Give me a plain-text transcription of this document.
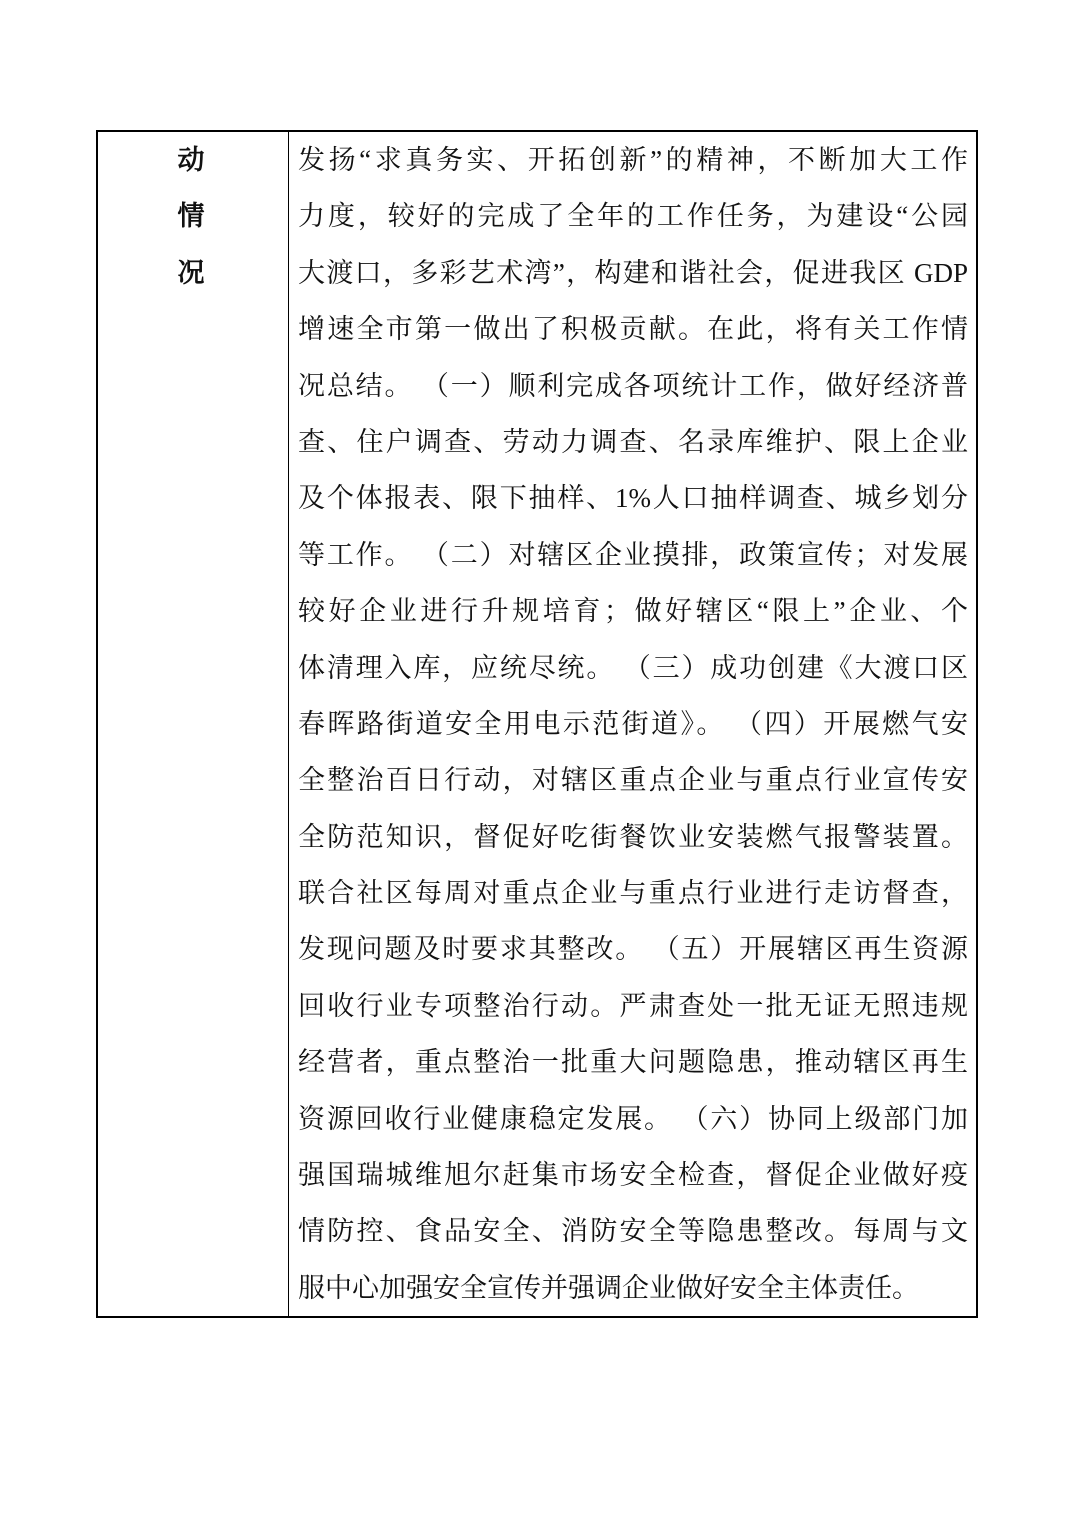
动
情
况
发扬“求真务实、开拓创新”的精神，不断加大工作
力度，较好的完成了全年的工作任务，为建设“公园
大渡口，多彩艺术湾”，构建和谐社会，促进我区 GDP
增速全市第一做出了积极贡献。在此，将有关工作情
况总结。 （一）顺利完成各项统计工作，做好经济普
查、住户调查、劳动力调查、名录库维护、限上企业
及个体报表、限下抽样、1%人口抽样调查、城乡划分
等工作。 （二）对辖区企业摸排，政策宣传；对发展
较好企业进行升规培育；做好辖区“限上”企业、个
体清理入库，应统尽统。 （三）成功创建《大渡口区
春晖路街道安全用电示范街道》。 （四）开展燃气安
全整治百日行动，对辖区重点企业与重点行业宣传安
全防范知识，督促好吃街餐饮业安装燃气报警装置。
联合社区每周对重点企业与重点行业进行走访督查，
发现问题及时要求其整改。 （五）开展辖区再生资源
回收行业专项整治行动。严肃查处一批无证无照违规
经营者，重点整治一批重大问题隐患，推动辖区再生
资源回收行业健康稳定发展。 （六）协同上级部门加
强国瑞城维旭尔赶集市场安全检查，督促企业做好疫
情防控、食品安全、消防安全等隐患整改。每周与文
服中心加强安全宣传并强调企业做好安全主体责任。
